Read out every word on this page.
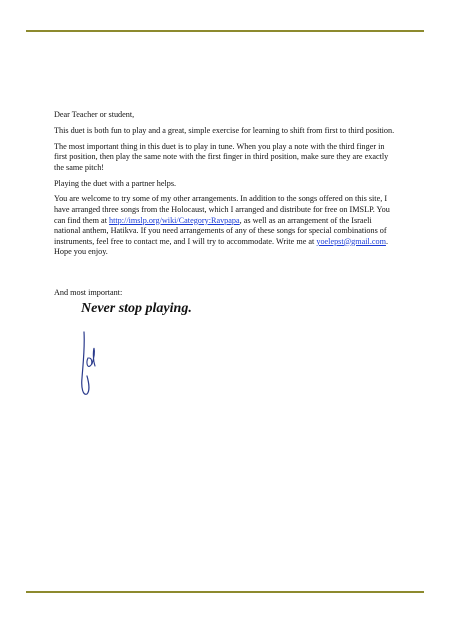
Dear Teacher or student,

This duet is both fun to play and a great, simple exercise for learning to shift from first to third position.

The most important thing in this duet is to play in tune. When you play a note with the third finger in first position, then play the same note with the first finger in third position, make sure they are exactly the same pitch!

Playing the duet with a partner helps.

You are welcome to try some of my other arrangements. In addition to the songs offered on this site, I have arranged three songs from the Holocaust, which I arranged and distribute for free on IMSLP. You can find them at http://imslp.org/wiki/Category:Ravpapa, as well as an arrangement of the Israeli national anthem, Hatikva. If you need arrangements of any of these songs for special combinations of instruments, feel free to contact me, and I will try to accommodate. Write me at yoelepst@gmail.com. Hope you enjoy.

And most important:
Never stop playing.
